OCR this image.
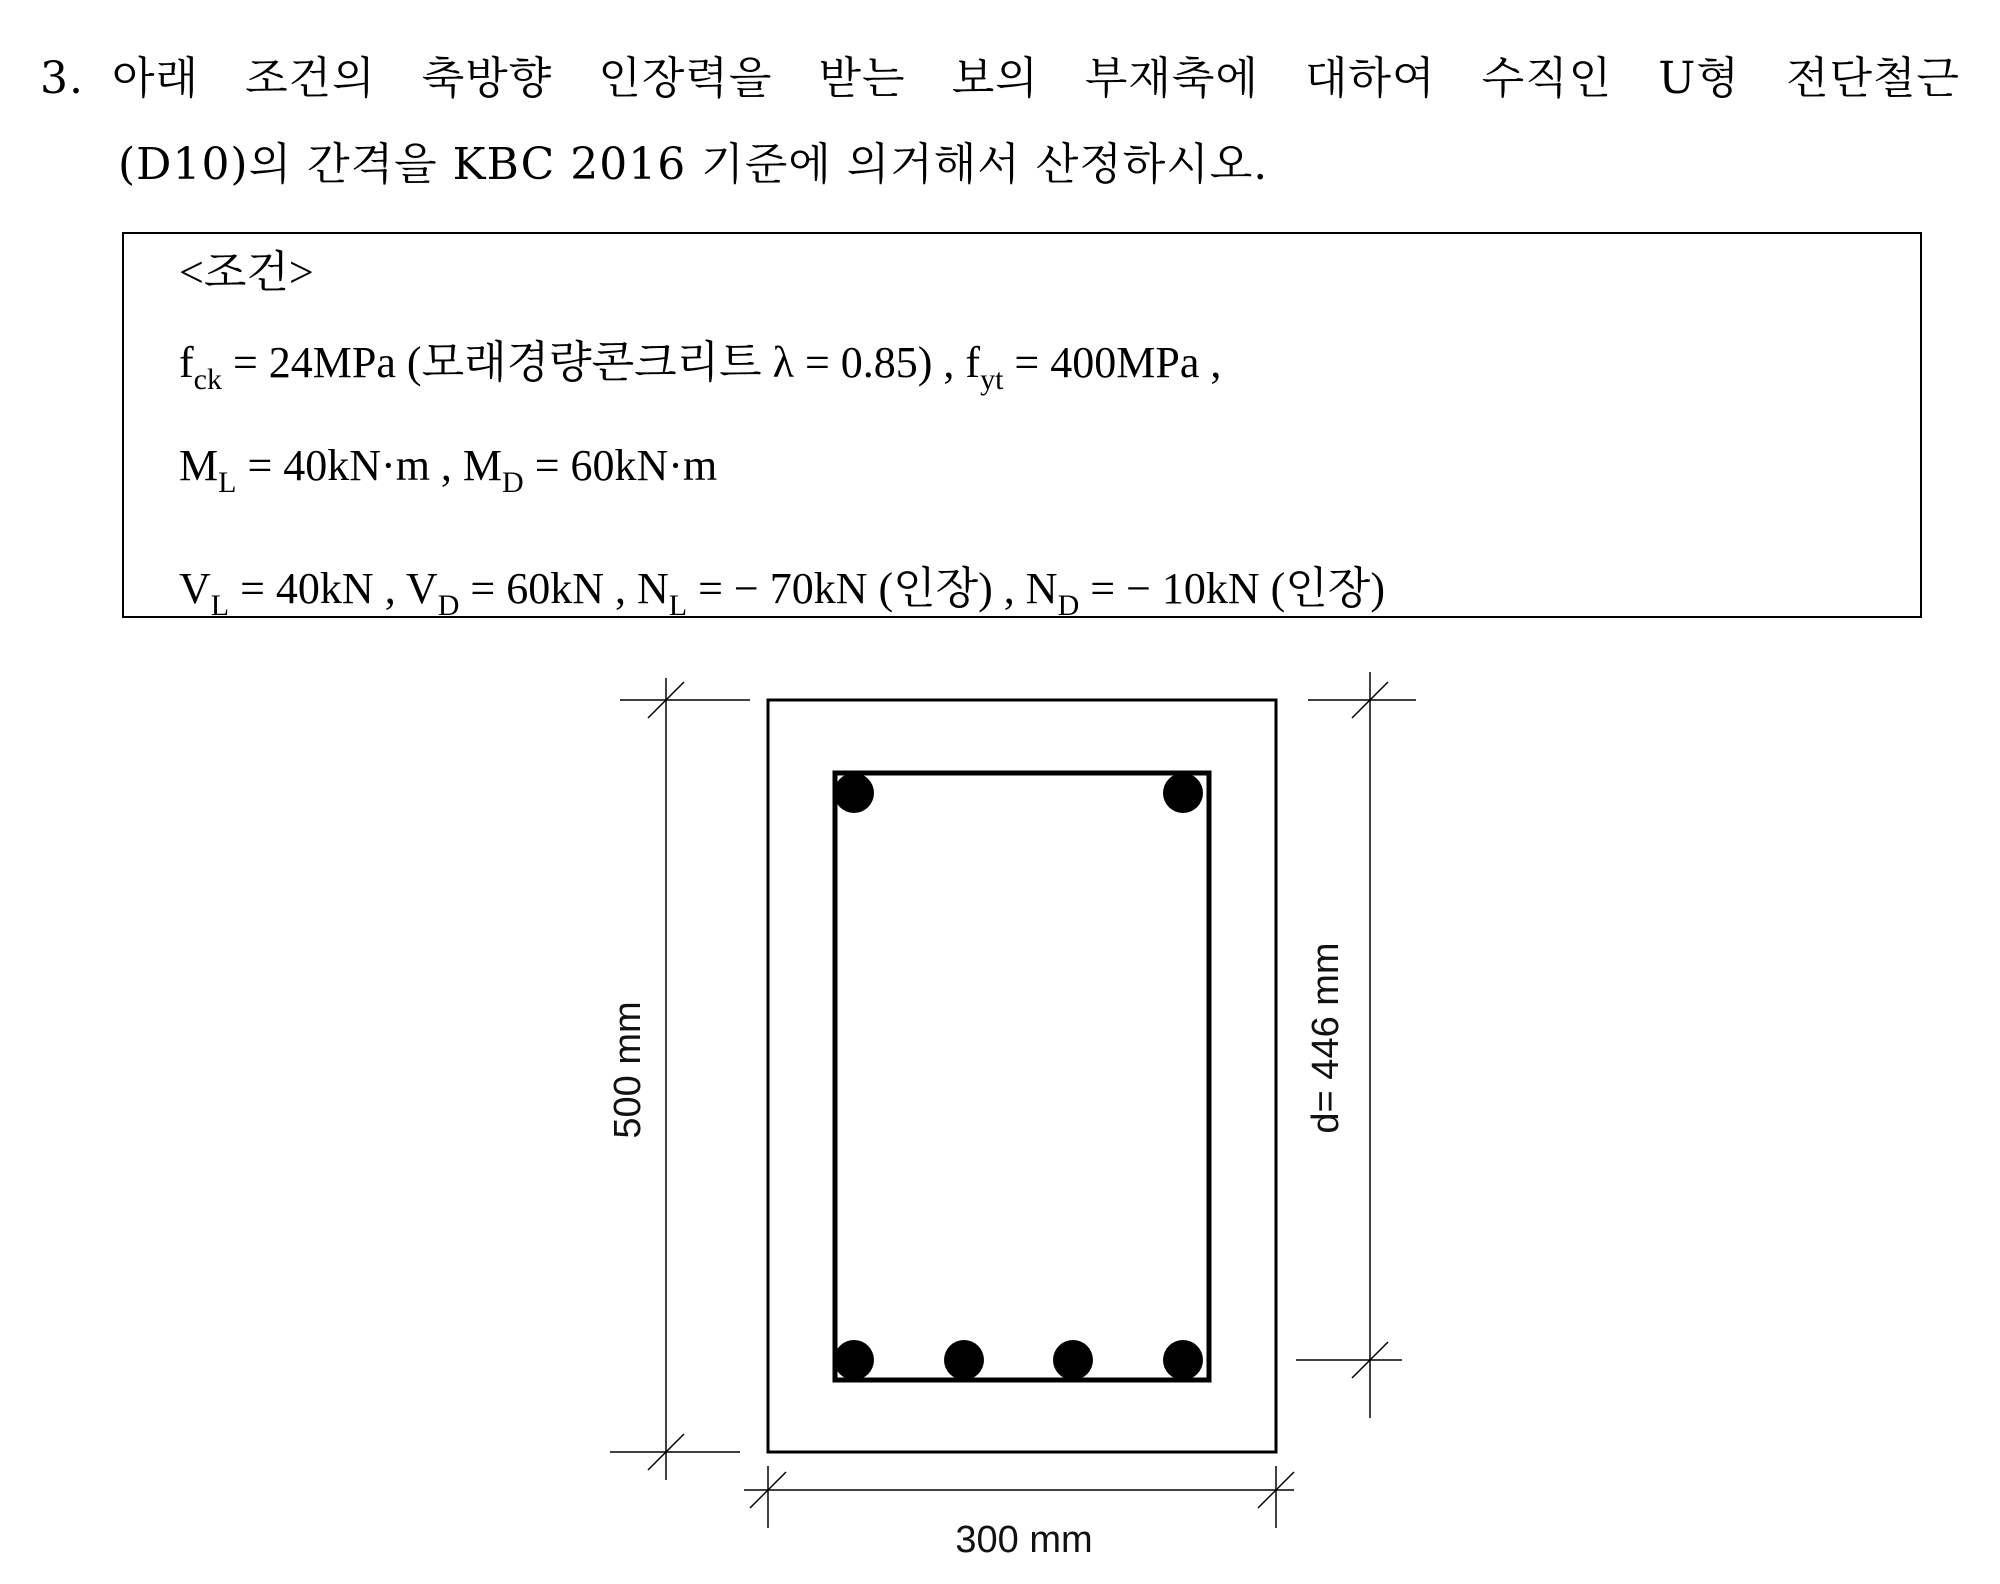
3. 아래 조건의 축방향 인장력을 받는 보의 부재축에 대하여 수직인 U형 전단철근
(D10)의 간격을 KBC 2016 기준에 의거해서 산정하시오.
<조건>
$f_{ck} = 24MPa$ (모래경량콘크리트 λ = 0.85) , $f_{yt} = 400MPa$ ,
$M_L = 40kN\cdot m$ , $M_D = 60kN\cdot m$
$V_L = 40kN$ , $V_D = 60kN$ , $N_L$ = − 70kN (인장) , $N_D$ = − 10kN (인장)
500 mm	d= 446 mm
300 mm
